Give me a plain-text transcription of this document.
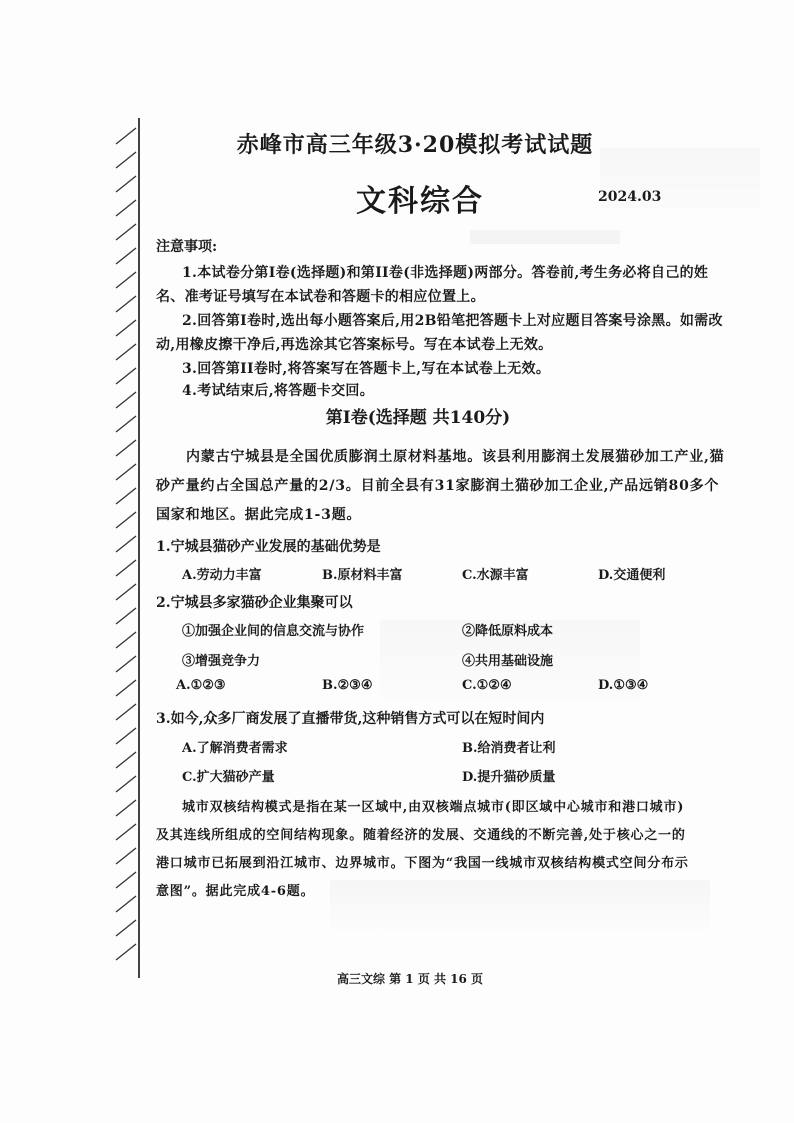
赤峰市高三年级3·20模拟考试试题
文科综合	2024.03
注意事项:
1.本试卷分第I卷(选择题)和第II卷(非选择题)两部分。答卷前,考生务必将自己的姓
名、准考证号填写在本试卷和答题卡的相应位置上。
2.回答第I卷时,选出每小题答案后,用2B铅笔把答题卡上对应题目答案号涂黑。如需改
动,用橡皮擦干净后,再选涂其它答案标号。写在本试卷上无效。
3.回答第II卷时,将答案写在答题卡上,写在本试卷上无效。
4.考试结束后,将答题卡交回。
第I卷(选择题 共140分)
内蒙古宁城县是全国优质膨润土原材料基地。该县利用膨润土发展猫砂加工产业,猫
砂产量约占全国总产量的2/3。目前全县有31家膨润土猫砂加工企业,产品远销80多个
国家和地区。据此完成1-3题。
1.宁城县猫砂产业发展的基础优势是
A.劳动力丰富	B.原材料丰富	C.水源丰富	D.交通便利
2.宁城县多家猫砂企业集聚可以
①加强企业间的信息交流与协作	②降低原料成本
③增强竞争力	④共用基础设施
A.①②③	B.②③④	C.①②④	D.①③④
3.如今,众多厂商发展了直播带货,这种销售方式可以在短时间内
A.了解消费者需求	B.给消费者让利
C.扩大猫砂产量	D.提升猫砂质量
城市双核结构模式是指在某一区域中,由双核端点城市(即区域中心城市和港口城市)
及其连线所组成的空间结构现象。随着经济的发展、交通线的不断完善,处于核心之一的
港口城市已拓展到沿江城市、边界城市。下图为“我国一线城市双核结构模式空间分布示
意图”。据此完成4-6题。
高三文综 第 1 页 共 16 页
